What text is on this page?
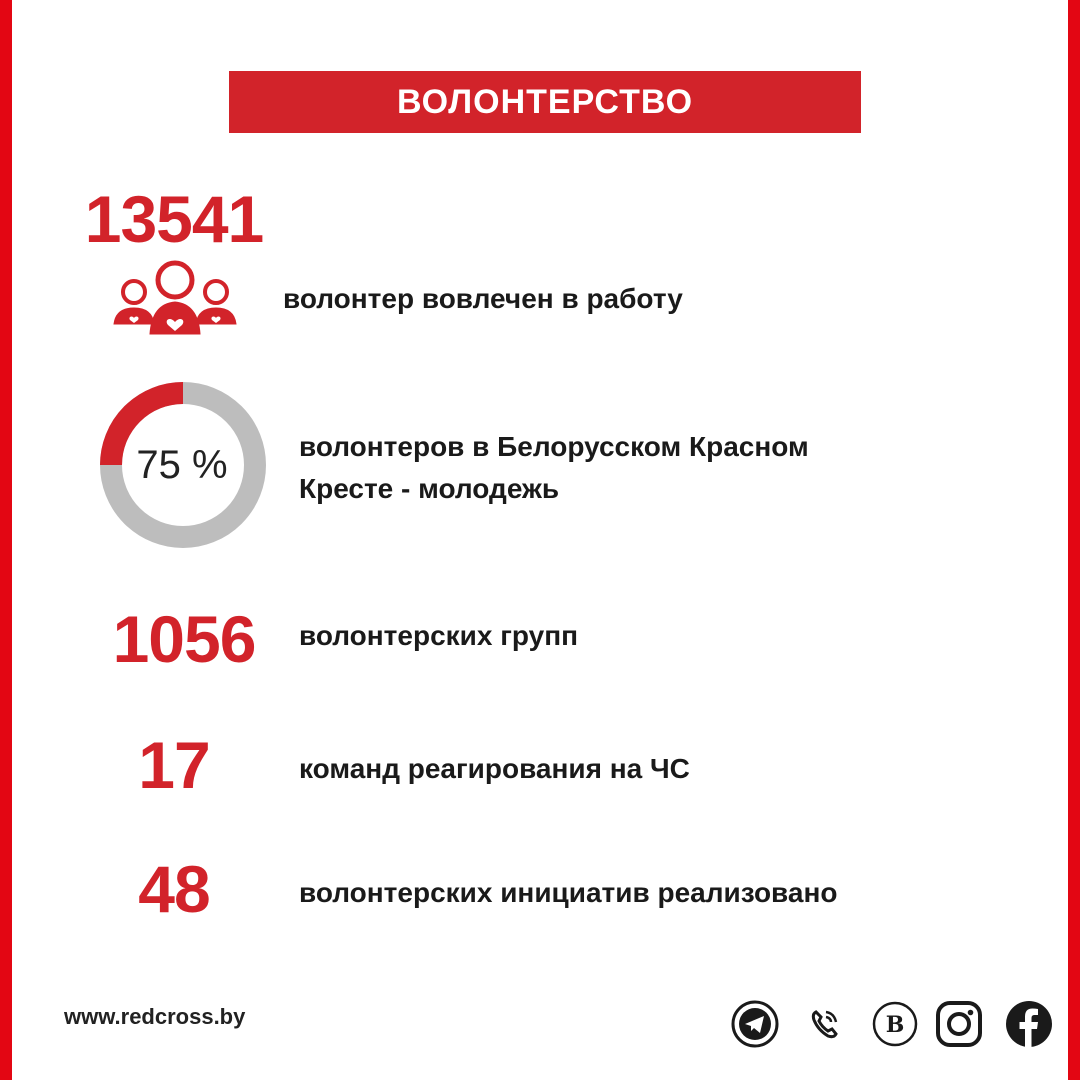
ВОЛОНТЕРСТВО
13541
волонтер вовлечен в работу
75 %	волонтеров в Белорусском Красном Кресте - молодежь
1056	волонтерских групп
17	команд реагирования на ЧС
48	волонтерских инициатив реализовано
www.redcross.by	B
